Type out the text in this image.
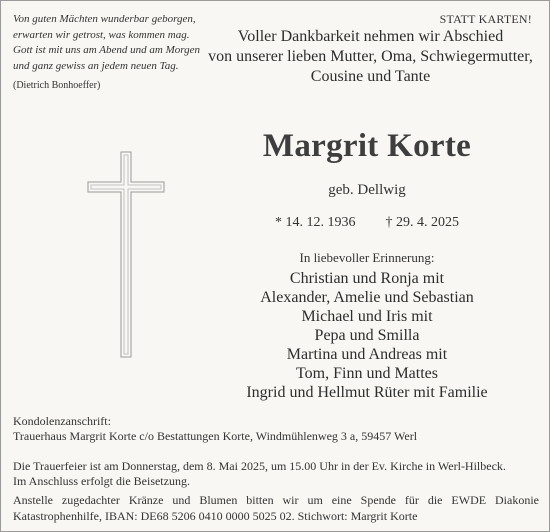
Von guten Mächten wunderbar geborgen,
erwarten wir getrost, was kommen mag.
Gott ist mit uns am Abend und am Morgen
und ganz gewiss an jedem neuen Tag.
(Dietrich Bonhoeffer)
STATT KARTEN!
Voller Dankbarkeit nehmen wir Abschied
von unserer lieben Mutter, Oma, Schwiegermutter,
Cousine und Tante
Margrit Korte
geb. Dellwig
* 14. 12. 1936 † 29. 4. 2025
In liebevoller Erinnerung:
Christian und Ronja mit
Alexander, Amelie und Sebastian
Michael und Iris mit
Pepa und Smilla
Martina und Andreas mit
Tom, Finn und Mattes
Ingrid und Hellmut Rüter mit Familie
Kondolenzanschrift:
Trauerhaus Margrit Korte c/o Bestattungen Korte, Windmühlenweg 3 a, 59457 Werl
Die Trauerfeier ist am Donnerstag, dem 8. Mai 2025, um 15.00 Uhr in der Ev. Kirche in Werl-Hilbeck.
Im Anschluss erfolgt die Beisetzung.
Anstelle zugedachter Kränze und Blumen bitten wir um eine Spende für die EWDE Diakonie
Katastrophenhilfe, IBAN: DE68 5206 0410 0000 5025 02. Stichwort: Margrit Korte
